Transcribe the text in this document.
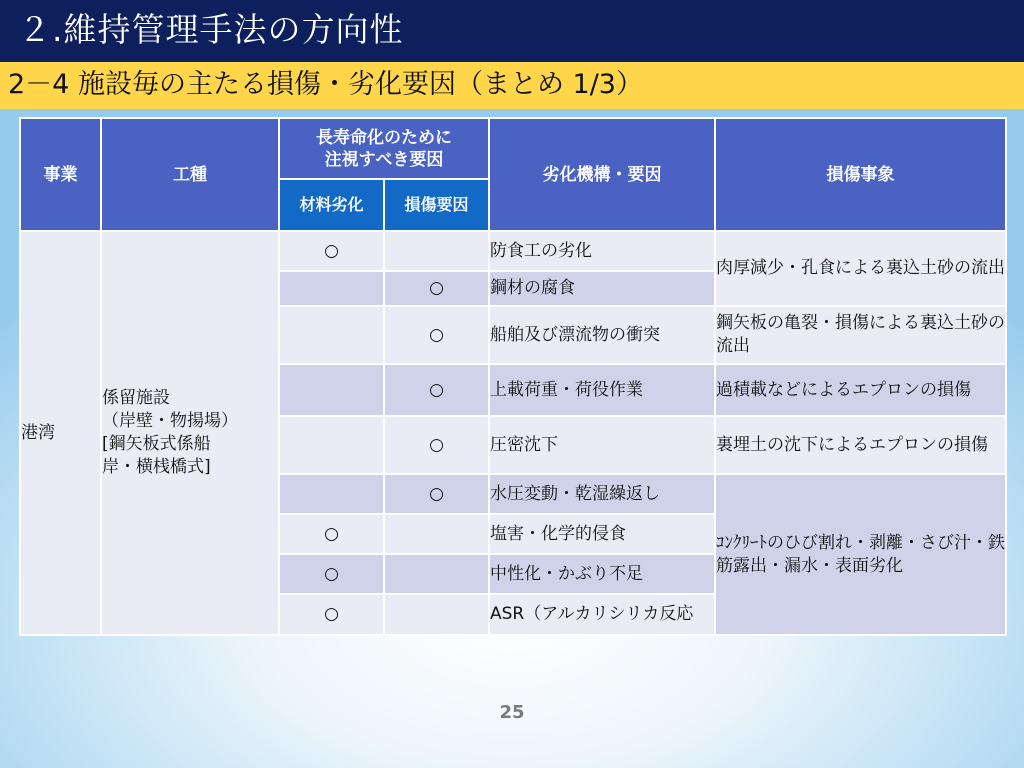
２.維持管理手法の方向性
2－4 施設毎の主たる損傷・劣化要因（まとめ 1/3）
事業	工種	長寿命化のために
注視すべき要因		劣化機構・要因	損傷事象
		材料劣化	損傷要因		
港湾	係留施設
（岸壁・物揚場）
[鋼矢板式係船
岸・横桟橋式]	○		防食工の劣化	肉厚減少・孔食による裏込土砂の流出
			○	鋼材の腐食	
			○	船舶及び漂流物の衝突	鋼矢板の亀裂・損傷による裏込土砂の流出
			○	上載荷重・荷役作業	過積載などによるエプロンの損傷
			○	圧密沈下	裏埋土の沈下によるエプロンの損傷
			○	水圧変動・乾湿繰返し	ｺﾝｸﾘｰﾄのひび割れ・剥離・さび汁・鉄筋露出・漏水・表面劣化
		○		塩害・化学的侵食	
		○		中性化・かぶり不足	
		○		ASR（アルカリシリカ反応	
25
